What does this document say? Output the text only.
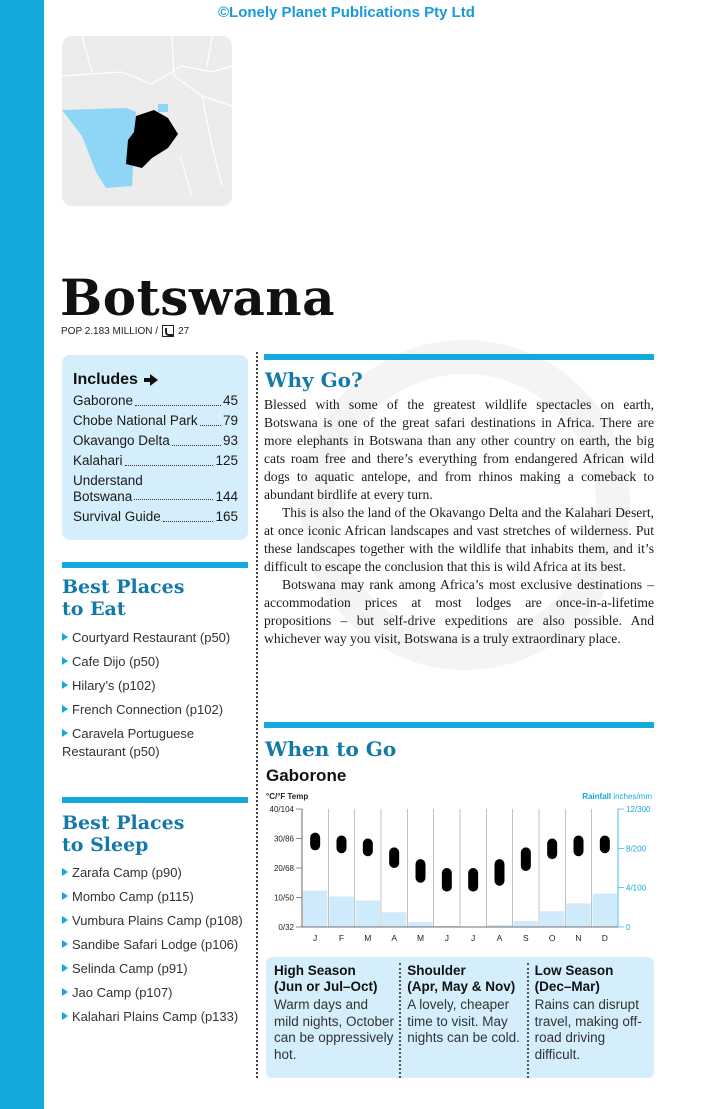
©Lonely Planet Publications Pty Ltd
Botswana
POP 2.183 MILLION / 27
Includes
Gaborone	45
Chobe National Park 79
Okavango Delta	93
Kalahari	125
Understand
Botswana	144
Survival Guide	165
Best Places
to Eat
Courtyard Restaurant (p50)
Cafe Dijo (p50)
Hilary’s (p102)
French Connection (p102)
Caravela Portuguese Restaurant (p50)
Best Places
to Sleep
Zarafa Camp (p90)
Mombo Camp (p115)
Vumbura Plains Camp (p108)
Sandibe Safari Lodge (p106)
Selinda Camp (p91)
Jao Camp (p107)
Kalahari Plains Camp (p133)
Why Go?

Blessed with some of the greatest wildlife spectacles on earth, Botswana is one of the great safari destinations in Africa. There are more elephants in Botswana than any other country on earth, the big cats roam free and there’s everything from endangered African wild dogs to aquatic antelope, and from rhinos making a comeback to abundant birdlife at every turn.

This is also the land of the Okavango Delta and the Kalahari Desert, at once iconic African landscapes and vast stretches of wilderness. Put these landscapes together with the wildlife that inhabits them, and it’s difficult to escape the conclusion that this is wild Africa at its best.

Botswana may rank among Africa’s most exclusive destinations – accommodation prices at most lodges are once-in-a-lifetime propositions – but self-drive expeditions are also possible. And whichever way you visit, Botswana is a truly extraordinary place.

When to Go
Gaborone
°C/°F Temp	Rainfall inches/mm
40/104
30/86
20/68
10/50
0/32
12/300
8/200
4/100
0
J	F M A M J	J	A S O N D
High Season
(Jun or Jul–Oct)
Warm days and mild nights, October can be oppressively hot.
Shoulder
(Apr, May & Nov)
A lovely, cheaper time to visit. May nights can be cold.
Low Season
(Dec–Mar)
Rains can disrupt travel, making off-road driving difficult.
